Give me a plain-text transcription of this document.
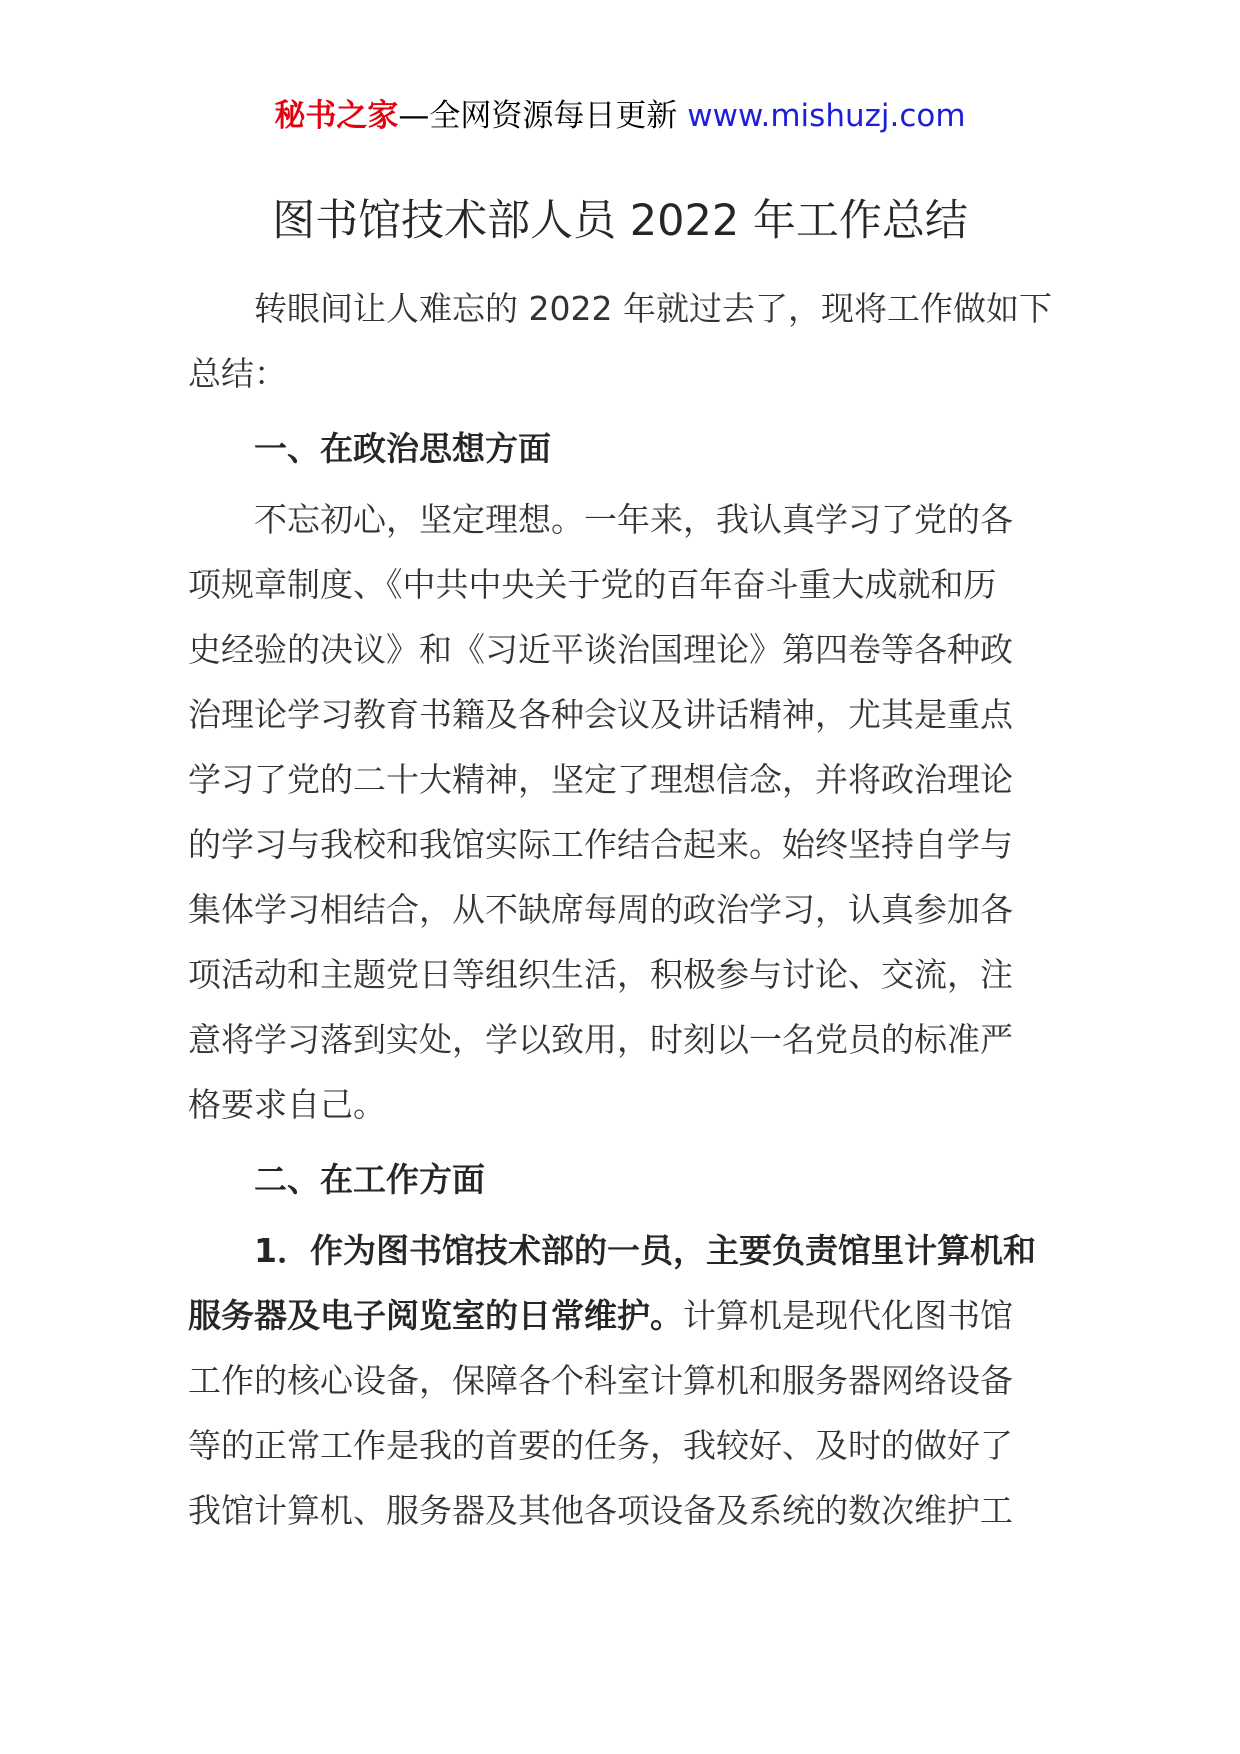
秘书之家—全网资源每日更新 www.mishuzj.com
图书馆技术部人员 2022 年工作总结
转眼间让人难忘的 2022 年就过去了，现将工作做如下
总结：
一、在政治思想方面
不忘初心，坚定理想。一年来，我认真学习了党的各
项规章制度、《中共中央关于党的百年奋斗重大成就和历
史经验的决议》和《习近平谈治国理论》第四卷等各种政
治理论学习教育书籍及各种会议及讲话精神，尤其是重点
学习了党的二十大精神，坚定了理想信念，并将政治理论
的学习与我校和我馆实际工作结合起来。始终坚持自学与
集体学习相结合，从不缺席每周的政治学习，认真参加各
项活动和主题党日等组织生活，积极参与讨论、交流，注
意将学习落到实处，学以致用，时刻以一名党员的标准严
格要求自己。
二、在工作方面
1．作为图书馆技术部的一员，主要负责馆里计算机和
服务器及电子阅览室的日常维护。计算机是现代化图书馆
工作的核心设备，保障各个科室计算机和服务器网络设备
等的正常工作是我的首要的任务，我较好、及时的做好了
我馆计算机、服务器及其他各项设备及系统的数次维护工
